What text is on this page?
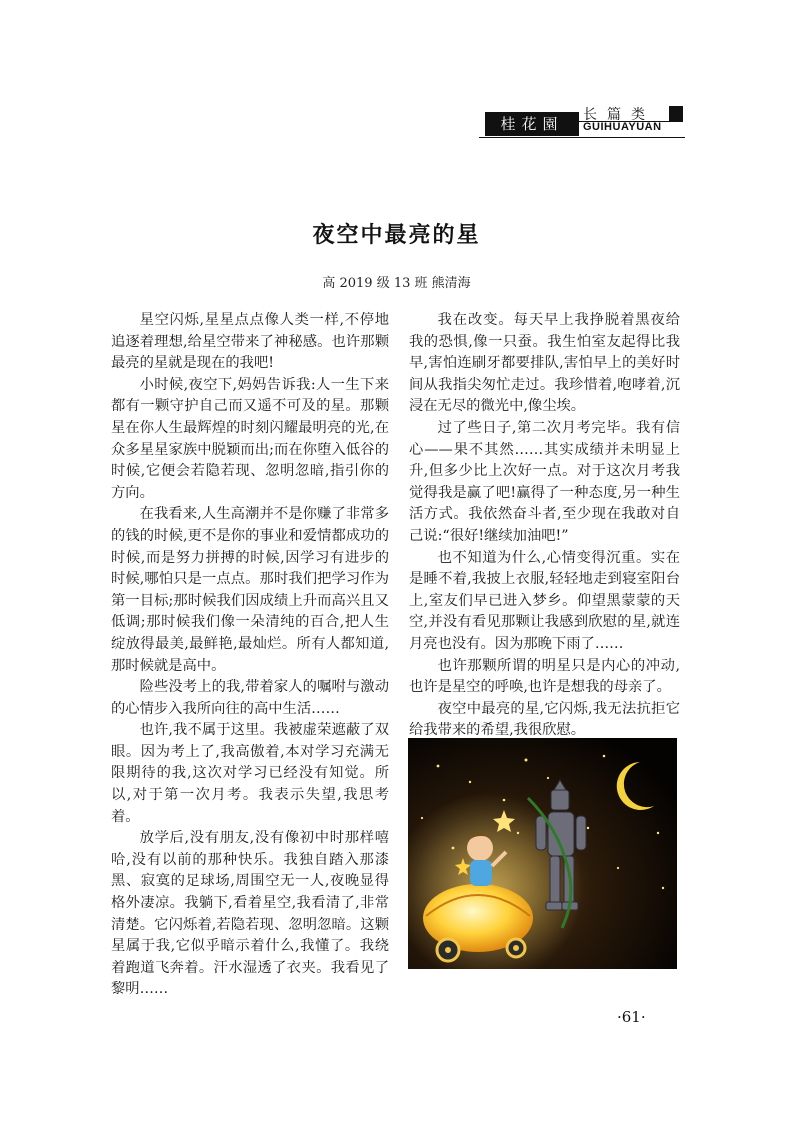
桂花園	长篇类
GUIHUAYUAN
夜空中最亮的星
高 2019 级 13 班 熊清海

星空闪烁,星星点点像人类一样,不停地追逐着理想,给星空带来了神秘感。也许那颗最亮的星就是现在的我吧!

小时候,夜空下,妈妈告诉我:人一生下来都有一颗守护自己而又遥不可及的星。那颗星在你人生最辉煌的时刻闪耀最明亮的光,在众多星星家族中脱颖而出;而在你堕入低谷的时候,它便会若隐若现、忽明忽暗,指引你的方向。

在我看来,人生高潮并不是你赚了非常多的钱的时候,更不是你的事业和爱情都成功的时候,而是努力拼搏的时候,因学习有进步的时候,哪怕只是一点点。那时我们把学习作为第一目标;那时候我们因成绩上升而高兴且又低调;那时候我们像一朵清纯的百合,把人生绽放得最美,最鲜艳,最灿烂。所有人都知道,那时候就是高中。

险些没考上的我,带着家人的嘱咐与激动的心情步入我所向往的高中生活……

也许,我不属于这里。我被虚荣遮蔽了双眼。因为考上了,我高傲着,本对学习充满无限期待的我,这次对学习已经没有知觉。所以,对于第一次月考。我表示失望,我思考着。

放学后,没有朋友,没有像初中时那样嘻哈,没有以前的那种快乐。我独自踏入那漆黑、寂寞的足球场,周围空无一人,夜晚显得格外凄凉。我躺下,看着星空,我看清了,非常清楚。它闪烁着,若隐若现、忽明忽暗。这颗星属于我,它似乎暗示着什么,我懂了。我绕着跑道飞奔着。汗水湿透了衣夹。我看见了黎明……

我在改变。每天早上我挣脱着黑夜给我的恐惧,像一只蚕。我生怕室友起得比我早,害怕连刷牙都要排队,害怕早上的美好时间从我指尖匆忙走过。我珍惜着,咆哮着,沉浸在无尽的微光中,像尘埃。

过了些日子,第二次月考完毕。我有信心——果不其然……其实成绩并未明显上升,但多少比上次好一点。对于这次月考我觉得我是赢了吧!赢得了一种态度,另一种生活方式。我依然奋斗者,至少现在我敢对自己说:“很好!继续加油吧!”

也不知道为什么,心情变得沉重。实在是睡不着,我披上衣服,轻轻地走到寝室阳台上,室友们早已进入梦乡。仰望黑蒙蒙的天空,并没有看见那颗让我感到欣慰的星,就连月亮也没有。因为那晚下雨了……

也许那颗所谓的明星只是内心的冲动,也许是星空的呼唤,也许是想我的母亲了。

夜空中最亮的星,它闪烁,我无法抗拒它给我带来的希望,我很欣慰。

·61·
